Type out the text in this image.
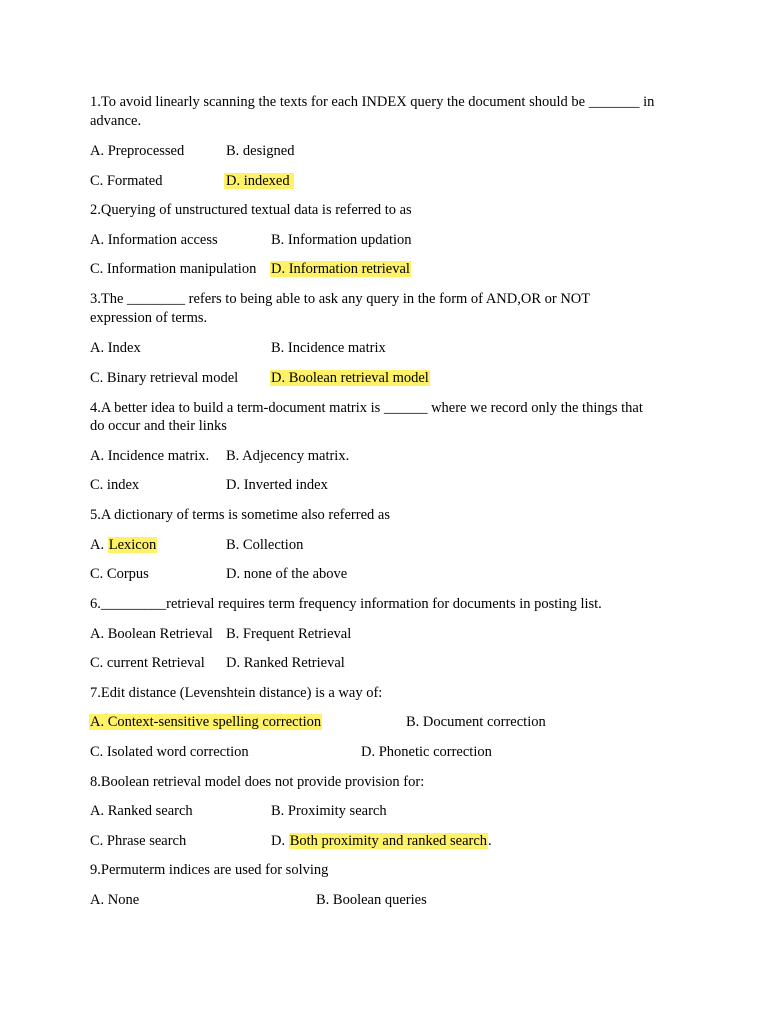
1.To avoid linearly scanning the texts for each INDEX query the document should be _______ in
advance.
A. Preprocessed	B. designed
C. Formated	D. indexed
2.Querying of unstructured textual data is referred to as
A. Information access	B. Information updation
C. Information manipulation D. Information retrieval
3.The ________ refers to being able to ask any query in the form of AND,OR or NOT
expression of terms.
A. Index	B. Incidence matrix
C. Binary retrieval model D. Boolean retrieval model
4.A better idea to build a term-document matrix is ______ where we record only the things that
do occur and their links
A. Incidence matrix. B. Adjecency matrix.
C. index	D. Inverted index
5.A dictionary of terms is sometime also referred as
A. Lexicon	B. Collection
C. Corpus	D. none of the above
6._________retrieval requires term frequency information for documents in posting list.
A. Boolean Retrieval B. Frequent Retrieval
C. current Retrieval D. Ranked Retrieval
7.Edit distance (Levenshtein distance) is a way of:
A. Context-sensitive spelling correction	B. Document correction
C. Isolated word correction	D. Phonetic correction
8.Boolean retrieval model does not provide provision for:
A. Ranked search	B. Proximity search
C. Phrase search	D. Both proximity and ranked search.
9.Permuterm indices are used for solving
A. None	B. Boolean queries
